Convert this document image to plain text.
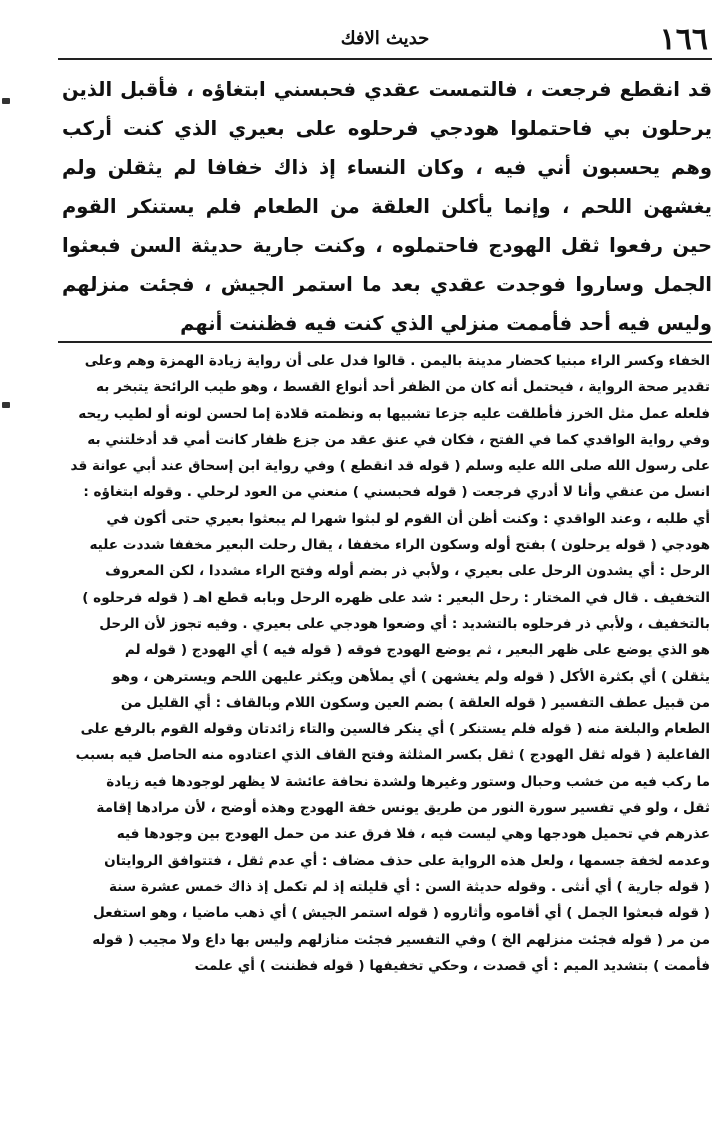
١٦٦
حديث الافك

قد انقطع فرجعت ، فالتمست عقدي فحبسني ابتغاؤه ، فأقبل الذين يرحلون بي فاحتملوا هودجي فرحلوه على بعيري الذي كنت أركب وهم يحسبون أني فيه ، وكان النساء إذ ذاك خفافا لم يثقلن ولم يغشهن اللحم ، وإنما يأكلن العلقة من الطعام فلم يستنكر القوم حين رفعوا ثقل الهودج فاحتملوه ، وكنت جارية حديثة السن فبعثوا الجمل وساروا فوجدت عقدي بعد ما استمر الجيش ، فجئت منزلهم وليس فيه أحد فأممت منزلي الذي كنت فيه فظننت أنهم

الخفاء وكسر الراء مبنيا كحضار مدينة باليمن . قالوا فدل على أن رواية زيادة الهمزة وهم وعلى
تقدير صحة الرواية ، فيحتمل أنه كان من الظفر أحد أنواع القسط ، وهو طيب الرائحة يتبخر به
فلعله عمل مثل الخرز فأطلقت عليه جزعا تشبيها به ونظمته قلادة إما لحسن لونه أو لطيب ريحه
وفي رواية الواقدي كما في الفتح ، فكان في عنق عقد من جزع ظفار كانت أمي قد أدخلتني به
على رسول الله صلى الله عليه وسلم ( قوله قد انقطع ) وفي رواية ابن إسحاق عند أبي عوانة قد
انسل من عنقي وأنا لا أدري فرجعت ( قوله فحبسني ) منعني من العود لرحلي . وقوله ابتغاؤه :
أي طلبه ، وعند الواقدي : وكنت أظن أن القوم لو لبثوا شهرا لم يبعثوا بعيري حتى أكون في
هودجي ( قوله يرحلون ) بفتح أوله وسكون الراء مخففا ، يقال رحلت البعير مخففا شددت عليه
الرحل : أي يشدون الرحل على بعيري ، ولأبي ذر بضم أوله وفتح الراء مشددا ، لكن المعروف
التخفيف . قال في المختار : رحل البعير : شد على ظهره الرحل وبابه قطع اهـ ( قوله فرحلوه )
بالتخفيف ، ولأبي ذر فرحلوه بالتشديد : أي وضعوا هودجي على بعيري . وفيه تجوز لأن الرحل
هو الذي يوضع على ظهر البعير ، ثم يوضع الهودج فوقه ( قوله فيه ) أي الهودج ( قوله لم
يثقلن ) أي بكثرة الأكل ( قوله ولم يغشهن ) أي يملأهن ويكثر عليهن اللحم ويسترهن ، وهو
من قبيل عطف التفسير ( قوله العلقة ) بضم العين وسكون اللام وبالقاف : أي القليل من
الطعام والبلغة منه ( قوله فلم يستنكر ) أي ينكر فالسين والتاء زائدتان وقوله القوم بالرفع على
الفاعلية ( قوله ثقل الهودج ) ثقل بكسر المثلثة وفتح القاف الذي اعتادوه منه الحاصل فيه بسبب
ما ركب فيه من خشب وحبال وستور وغيرها ولشدة نحافة عائشة لا يظهر لوجودها فيه زيادة
ثقل ، ولو في تفسير سورة النور من طريق يونس خفة الهودج وهذه أوضح ، لأن مرادها إقامة
عذرهم في تحميل هودجها وهي ليست فيه ، فلا فرق عند من حمل الهودج بين وجودها فيه
وعدمه لخفة جسمها ، ولعل هذه الرواية على حذف مضاف : أي عدم ثقل ، فتتوافق الروايتان
( قوله جارية ) أي أنثى . وقوله حديثة السن : أي قليلته إذ لم تكمل إذ ذاك خمس عشرة سنة
( قوله فبعثوا الجمل ) أي أقاموه وأثاروه ( قوله استمر الجيش ) أي ذهب ماضيا ، وهو استفعل
من مر ( قوله فجئت منزلهم الخ ) وفي التفسير فجئت منازلهم وليس بها داع ولا مجيب ( قوله
فأممت ) بتشديد الميم : أي قصدت ، وحكي تخفيفها ( قوله فظننت ) أي علمت
